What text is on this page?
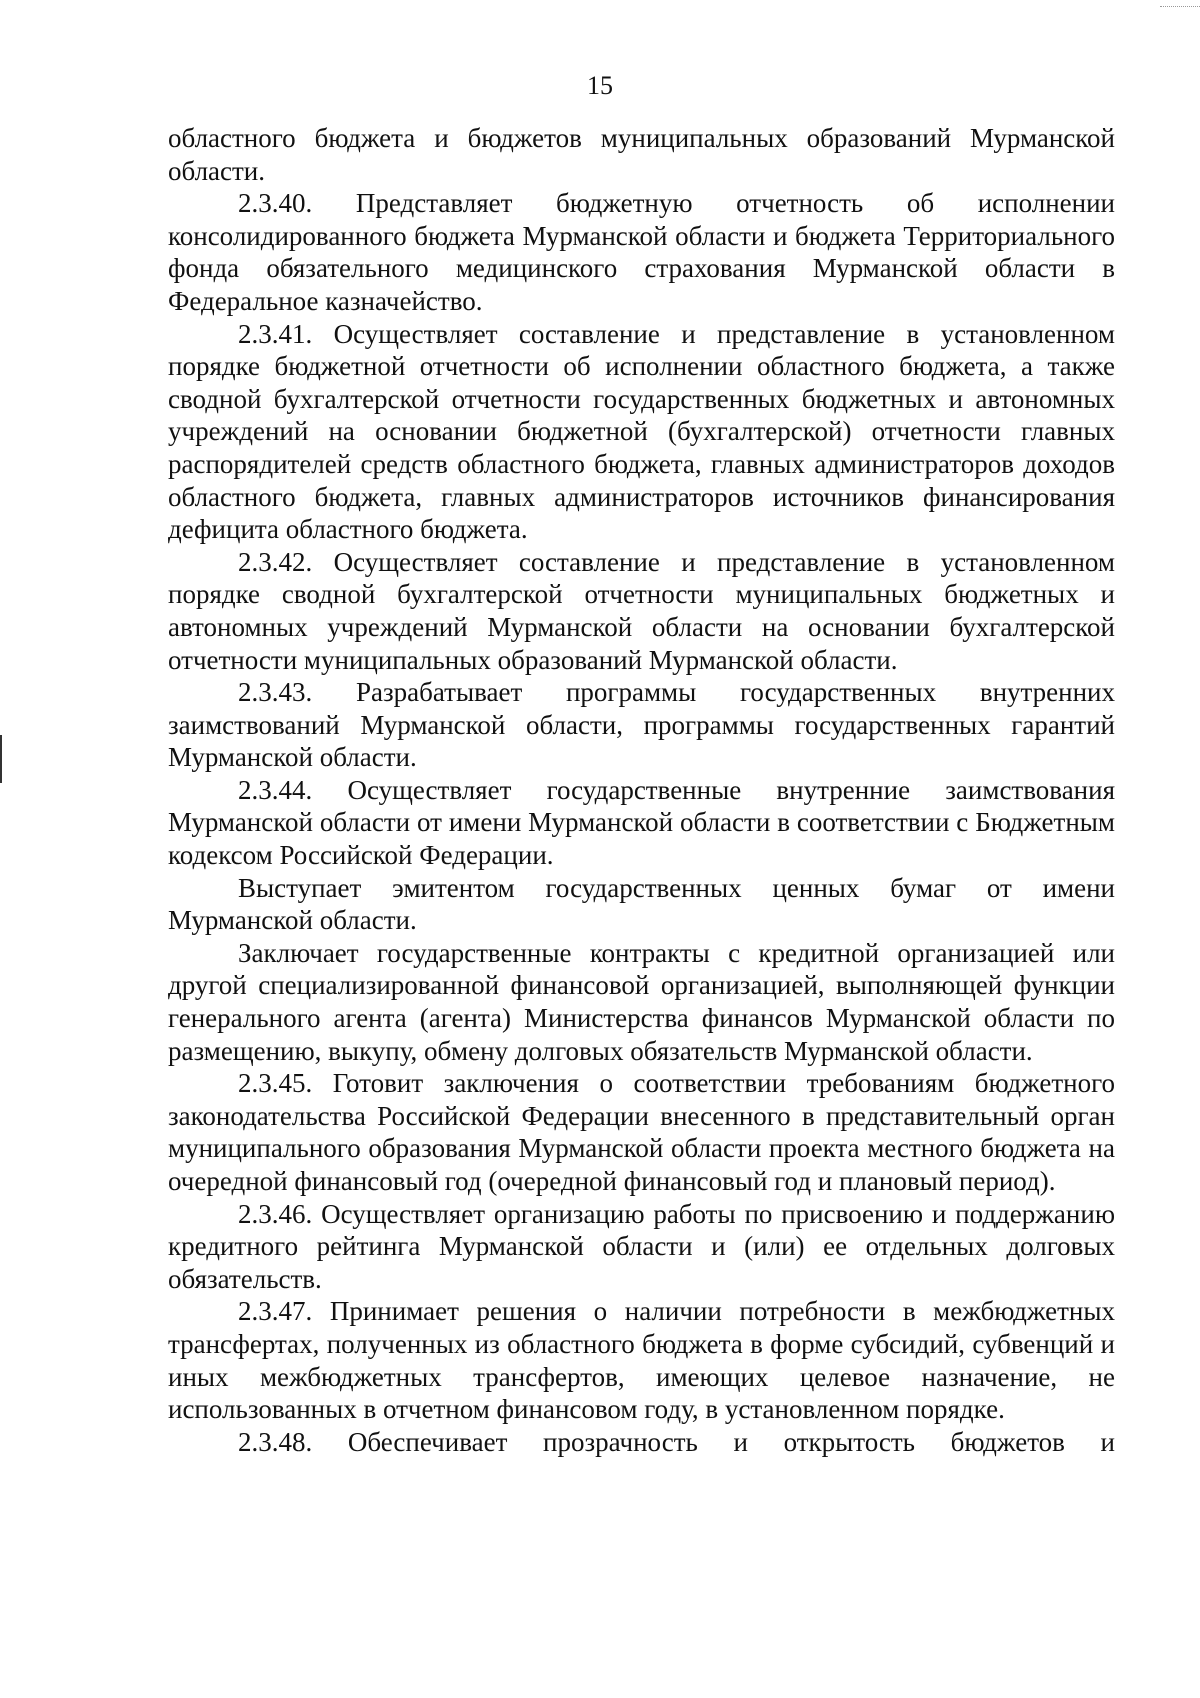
15

областного бюджета и бюджетов муниципальных образований Мурманской области.

2.3.40. Представляет бюджетную отчетность об исполнении консолидированного бюджета Мурманской области и бюджета Территориального фонда обязательного медицинского страхования Мурманской области в Федеральное казначейство.

2.3.41. Осуществляет составление и представление в установленном порядке бюджетной отчетности об исполнении областного бюджета, а также сводной бухгалтерской отчетности государственных бюджетных и автономных учреждений на основании бюджетной (бухгалтерской) отчетности главных распорядителей средств областного бюджета, главных администраторов доходов областного бюджета, главных администраторов источников финансирования дефицита областного бюджета.

2.3.42. Осуществляет составление и представление в установленном порядке сводной бухгалтерской отчетности муниципальных бюджетных и автономных учреждений Мурманской области на основании бухгалтерской отчетности муниципальных образований Мурманской области.

2.3.43. Разрабатывает программы государственных внутренних заимствований Мурманской области, программы государственных гарантий Мурманской области.

2.3.44. Осуществляет государственные внутренние заимствования Мурманской области от имени Мурманской области в соответствии с Бюджетным кодексом Российской Федерации.

Выступает эмитентом государственных ценных бумаг от имени Мурманской области.

Заключает государственные контракты с кредитной организацией или другой специализированной финансовой организацией, выполняющей функции генерального агента (агента) Министерства финансов Мурманской области по размещению, выкупу, обмену долговых обязательств Мурманской области.

2.3.45. Готовит заключения о соответствии требованиям бюджетного законодательства Российской Федерации внесенного в представительный орган муниципального образования Мурманской области проекта местного бюджета на очередной финансовый год (очередной финансовый год и плановый период).

2.3.46. Осуществляет организацию работы по присвоению и поддержанию кредитного рейтинга Мурманской области и (или) ее отдельных долговых обязательств.

2.3.47. Принимает решения о наличии потребности в межбюджетных трансфертах, полученных из областного бюджета в форме субсидий, субвенций и иных межбюджетных трансфертов, имеющих целевое назначение, не использованных в отчетном финансовом году, в установленном порядке.

2.3.48. Обеспечивает прозрачность и открытость бюджетов и
